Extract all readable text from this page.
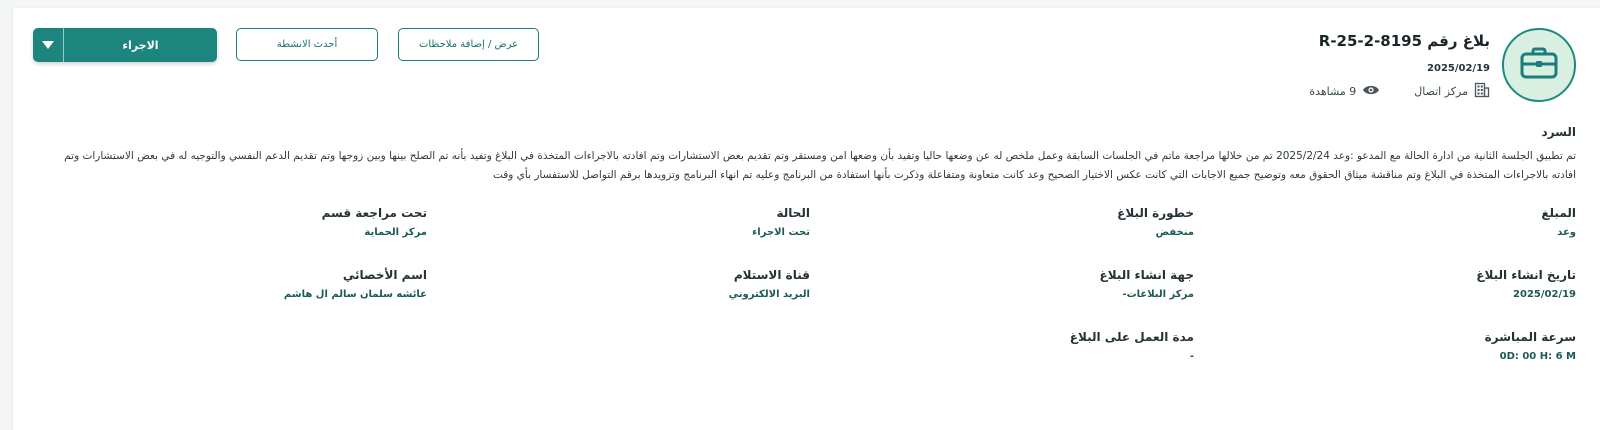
بلاغ رقم R-25-2-8195
2025/02/19
مركز اتصال
9 مشاهدة
عرض / إضافة ملاحظات
أحدث الانشطة
الاجراء
السرد
تم تطبيق الجلسة الثانية من ادارة الحالة مع المدعو :وعد 2025/2/24 تم من خلالها مراجعة ماتم في الجلسات السابقة وعمل ملخص له عن وضعها حاليا وتفيد بأن وضعها امن ومستقر وتم تقديم بعض الاستشارات وتم افادته بالاجراءات المتخذة في البلاغ وتفيد بأنه تم الصلح بينها وبين زوجها وتم تقديم الدعم النفسي والتوجيه له في بعض الاستشارات وتم افادته بالاجراءات المتخذة في البلاغ وتم مناقشة ميثاق الحقوق معه وتوضيح جميع الاجابات التي كانت عكس الاختيار الصحيح وعد كانت متعاونة ومتفاعلة وذكرت بأنها استفادة من البرنامج وعليه تم انهاء البرنامج وتزويدها برقم التواصل للاستفسار بأي وقت
المبلغ
وعد
خطورة البلاغ
منخفض
الحالة
تحت الاجراء
تحت مراجعة قسم
مركز الحماية
تاريخ انشاء البلاغ
2025/02/19
جهة انشاء البلاغ
مركز البلاغات-
قناة الاستلام
البريد الالكتروني
اسم الأخصائي
عائشه سلمان سالم ال هاشم
سرعة المباشرة
0D: 00 H: 6 M
مدة العمل على البلاغ
-
